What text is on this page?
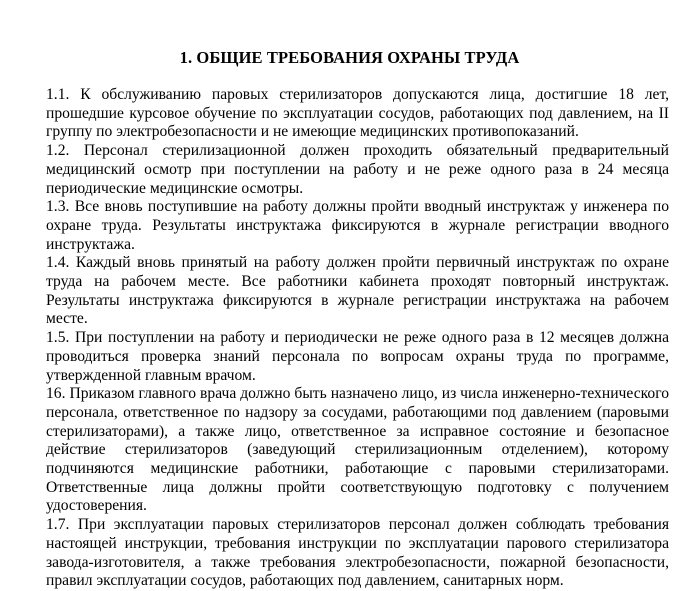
1. ОБЩИЕ ТРЕБОВАНИЯ ОХРАНЫ ТРУДА

1.1. К обслуживанию паровых стерилизаторов допускаются лица, достигшие 18 лет, прошедшие курсовое обучение по эксплуатации сосудов, работающих под давлением, на II группу по электробезопасности и не имеющие медицинских противопоказаний.

1.2. Персонал стерилизационной должен проходить обязательный предварительный медицинский осмотр при поступлении на работу и не реже одного раза в 24 месяца периодические медицинские осмотры.

1.3. Все вновь поступившие на работу должны пройти вводный инструктаж у инженера по охране труда. Результаты инструктажа фиксируются в журнале регистрации вводного инструктажа.

1.4. Каждый вновь принятый на работу должен пройти первичный инструктаж по охране труда на рабочем месте. Все работники кабинета проходят повторный инструктаж. Результаты инструктажа фиксируются в журнале регистрации инструктажа на рабочем месте.

1.5. При поступлении на работу и периодически не реже одного раза в 12 месяцев должна проводиться проверка знаний персонала по вопросам охраны труда по программе, утвержденной главным врачом.

16. Приказом главного врача должно быть назначено лицо, из числа инженерно-технического персонала, ответственное по надзору за сосудами, работающими под давлением (паровыми стерилизаторами), а также лицо, ответственное за исправное состояние и безопасное действие стерилизаторов (заведующий стерилизационным отделением), которому подчиняются медицинские работники, работающие с паровыми стерилизаторами. Ответственные лица должны пройти соответствующую подготовку с получением удостоверения.

1.7. При эксплуатации паровых стерилизаторов персонал должен соблюдать требования настоящей инструкции, требования инструкции по эксплуатации парового стерилизатора завода-изготовителя, а также требования электробезопасности, пожарной безопасности, правил эксплуатации сосудов, работающих под давлением, санитарных норм.
